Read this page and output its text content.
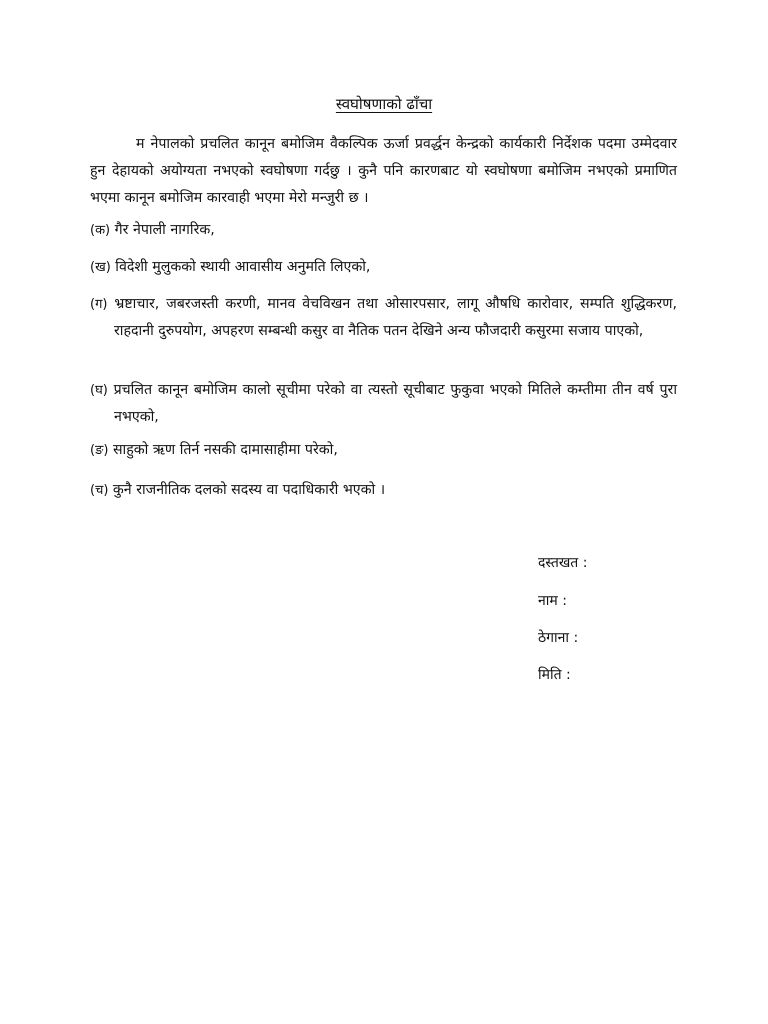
स्वघोषणाको ढाँचा

म नेपालको प्रचलित कानून बमोजिम वैकल्पिक ऊर्जा प्रवर्द्धन केन्द्रको कार्यकारी निर्देशक पदमा उम्मेदवार हुन देहायको अयोग्यता नभएको स्वघोषणा गर्दछु । कुनै पनि कारणबाट यो स्वघोषणा बमोजिम नभएको प्रमाणित भएमा कानून बमोजिम कारवाही भएमा मेरो मन्जुरी छ ।

(क) गैर नेपाली नागरिक,

(ख) विदेशी मुलुकको स्थायी आवासीय अनुमति लिएको,

(ग) भ्रष्टाचार, जबरजस्ती करणी, मानव वेचविखन तथा ओसारपसार, लागू औषधि कारोवार, सम्पति शुद्धिकरण, राहदानी दुरुपयोग, अपहरण सम्बन्धी कसुर वा नैतिक पतन देखिने अन्य फौजदारी कसुरमा सजाय पाएको,

(घ) प्रचलित कानून बमोजिम कालो सूचीमा परेको वा त्यस्तो सूचीबाट फुकुवा भएको मितिले कम्तीमा तीन वर्ष पुरा नभएको,

(ङ) साहुको ऋण तिर्न नसकी दामासाहीमा परेको,

(च) कुनै राजनीतिक दलको सदस्य वा पदाधिकारी भएको ।

दस्तखत :
नाम :
ठेगाना :
मिति :
